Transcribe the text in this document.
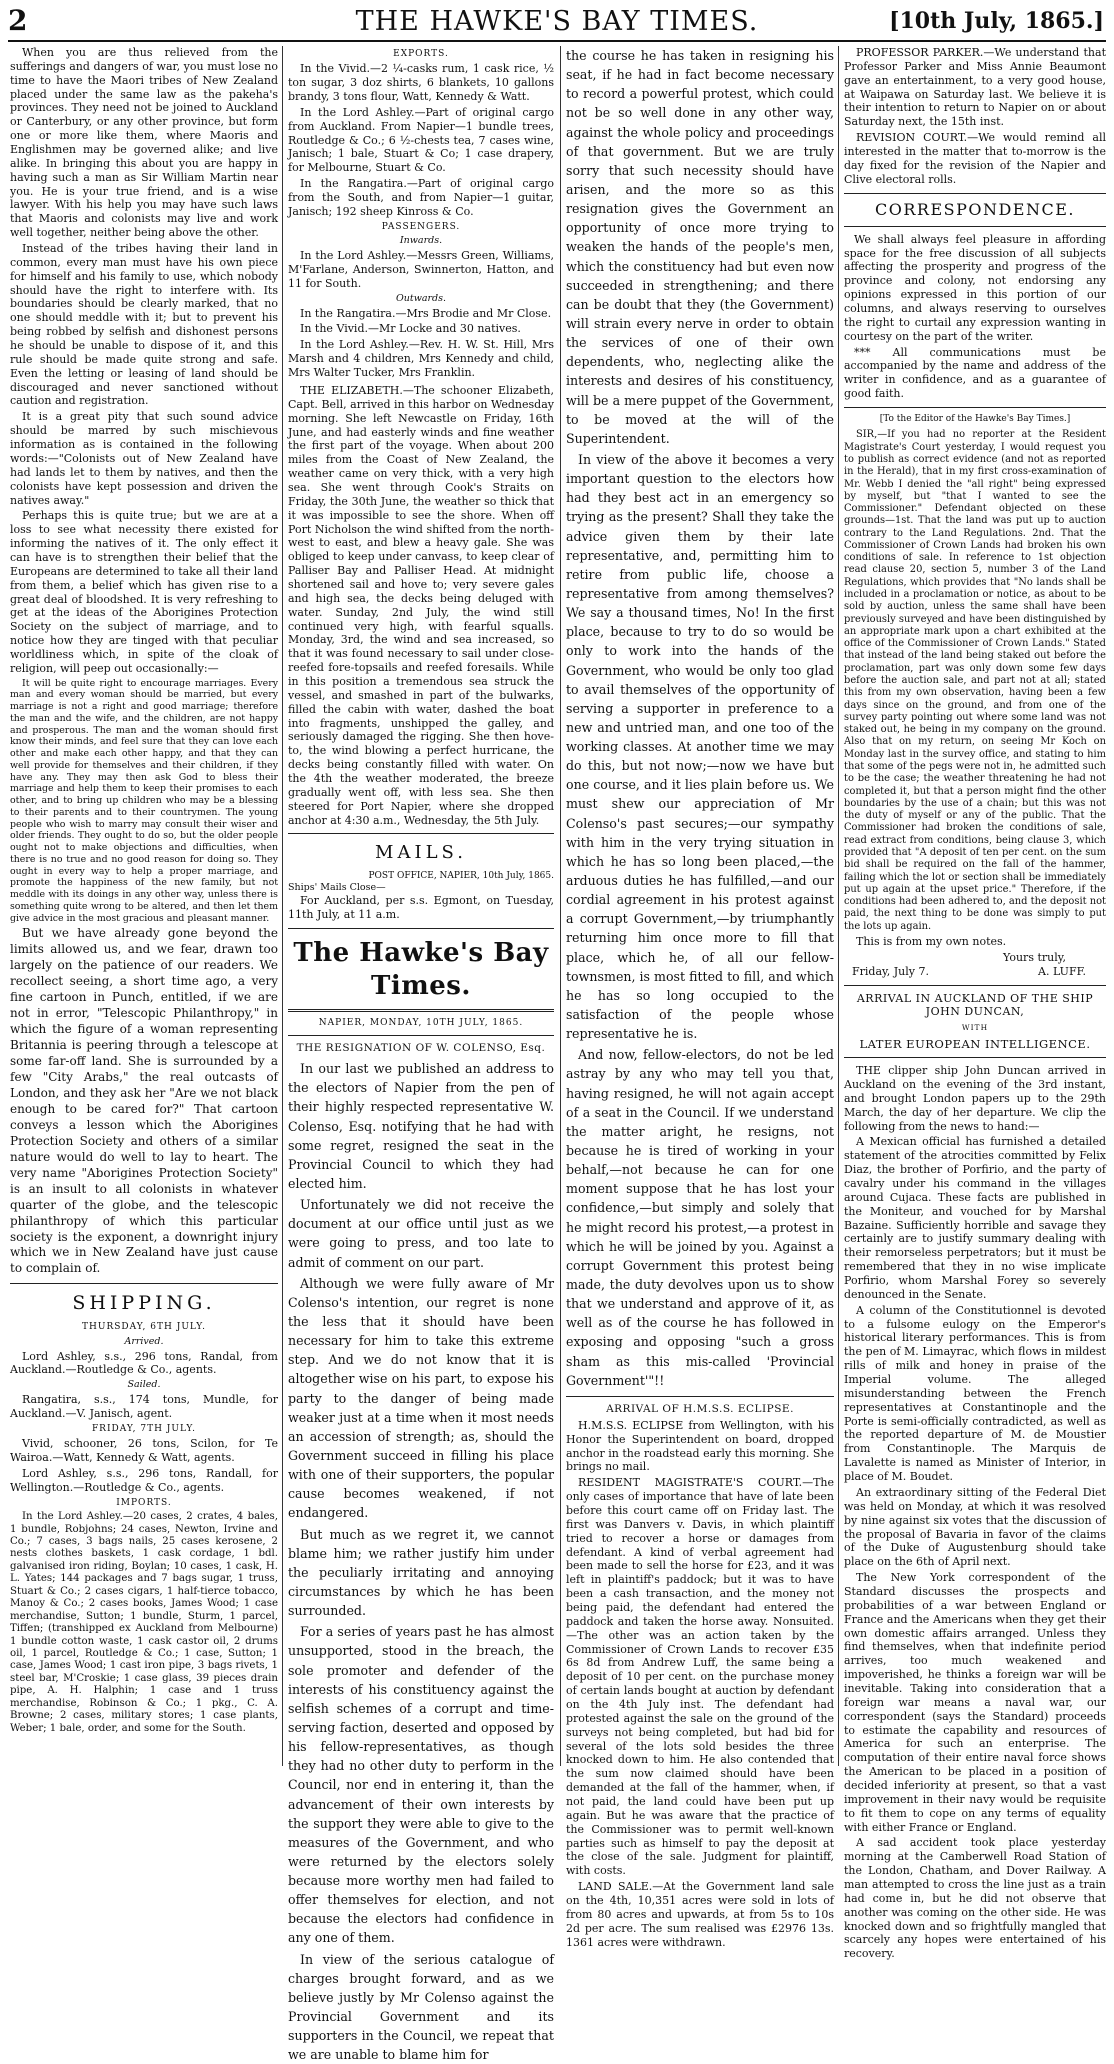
2	THE HAWKE'S BAY TIMES.	[10th July, 1865.]

When you are thus relieved from the sufferings and dangers of war, you must lose no time to have the Maori tribes of New Zealand placed under the same law as the pakeha's provinces. They need not be joined to Auckland or Canterbury, or any other province, but form one or more like them, where Maoris and Englishmen may be governed alike; and live alike. In bringing this about you are happy in having such a man as Sir William Martin near you. He is your true friend, and is a wise lawyer. With his help you may have such laws that Maoris and colonists may live and work well together, neither being above the other.

Instead of the tribes having their land in common, every man must have his own piece for himself and his family to use, which nobody should have the right to interfere with. Its boundaries should be clearly marked, that no one should meddle with it; but to prevent his being robbed by selfish and dishonest persons he should be unable to dispose of it, and this rule should be made quite strong and safe. Even the letting or leasing of land should be discouraged and never sanctioned without caution and registration.

It is a great pity that such sound advice should be marred by such mischievous information as is contained in the following words:—"Colonists out of New Zealand have had lands let to them by natives, and then the colonists have kept possession and driven the natives away."

Perhaps this is quite true; but we are at a loss to see what necessity there existed for informing the natives of it. The only effect it can have is to strengthen their belief that the Europeans are determined to take all their land from them, a belief which has given rise to a great deal of bloodshed. It is very refreshing to get at the ideas of the Aborigines Protection Society on the subject of marriage, and to notice how they are tinged with that peculiar worldliness which, in spite of the cloak of religion, will peep out occasionally:—

It will be quite right to encourage marriages. Every man and every woman should be married, but every marriage is not a right and good marriage; therefore the man and the wife, and the children, are not happy and prosperous. The man and the woman should first know their minds, and feel sure that they can love each other and make each other happy, and that they can well provide for themselves and their children, if they have any. They may then ask God to bless their marriage and help them to keep their promises to each other, and to bring up children who may be a blessing to their parents and to their countrymen. The young people who wish to marry may consult their wiser and older friends. They ought to do so, but the older people ought not to make objections and difficulties, when there is no true and no good reason for doing so. They ought in every way to help a proper marriage, and promote the happiness of the new family, but not meddle with its doings in any other way, unless there is something quite wrong to be altered, and then let them give advice in the most gracious and pleasant manner.

But we have already gone beyond the limits allowed us, and we fear, drawn too largely on the patience of our readers. We recollect seeing, a short time ago, a very fine cartoon in Punch, entitled, if we are not in error, "Telescopic Philanthropy," in which the figure of a woman representing Britannia is peering through a telescope at some far-off land. She is surrounded by a few "City Arabs," the real outcasts of London, and they ask her "Are we not black enough to be cared for?" That cartoon conveys a lesson which the Aborigines Protection Society and others of a similar nature would do well to lay to heart. The very name "Aborigines Protection Society" is an insult to all colonists in whatever quarter of the globe, and the telescopic philanthropy of which this particular society is the exponent, a downright injury which we in New Zealand have just cause to complain of.

SHIPPING.
THURSDAY, 6TH JULY.
Arrived.

Lord Ashley, s.s., 296 tons, Randal, from Auckland.—Routledge & Co., agents.

Sailed.

Rangatira, s.s., 174 tons, Mundle, for Auckland.—V. Janisch, agent.

FRIDAY, 7TH JULY.

Vivid, schooner, 26 tons, Scilon, for Te Wairoa.—Watt, Kennedy & Watt, agents.

Lord Ashley, s.s., 296 tons, Randall, for Wellington.—Routledge & Co., agents.

IMPORTS.

In the Lord Ashley.—20 cases, 2 crates, 4 bales, 1 bundle, Robjohns; 24 cases, Newton, Irvine and Co.; 7 cases, 3 bags nails, 25 cases kerosene, 2 nests clothes baskets, 1 cask cordage, 1 bdl. galvanised iron riding, Boylan; 10 cases, 1 cask, H. L. Yates; 144 packages and 7 bags sugar, 1 truss, Stuart & Co.; 2 cases cigars, 1 half-tierce tobacco, Manoy & Co.; 2 cases books, James Wood; 1 case merchandise, Sutton; 1 bundle, Sturm, 1 parcel, Tiffen; (transhipped ex Auckland from Melbourne) 1 bundle cotton waste, 1 cask castor oil, 2 drums oil, 1 parcel, Routledge & Co.; 1 case, Sutton; 1 case, James Wood; 1 cast iron pipe, 3 bags rivets, 1 steel bar, M'Croskie; 1 case glass, 39 pieces drain pipe, A. H. Halphin; 1 case and 1 truss merchandise, Robinson & Co.; 1 pkg., C. A. Browne; 2 cases, military stores; 1 case plants, Weber; 1 bale, order, and some for the South.

EXPORTS.

In the Vivid.—2 ¼-casks rum, 1 cask rice, ½ ton sugar, 3 doz shirts, 6 blankets, 10 gallons brandy, 3 tons flour, Watt, Kennedy & Watt.

In the Lord Ashley.—Part of original cargo from Auckland. From Napier—1 bundle trees, Routledge & Co.; 6 ½-chests tea, 7 cases wine, Janisch; 1 bale, Stuart & Co; 1 case drapery, for Melbourne, Stuart & Co.

In the Rangatira.—Part of original cargo from the South, and from Napier—1 guitar, Janisch; 192 sheep Kinross & Co.

PASSENGERS.
Inwards.

In the Lord Ashley.—Messrs Green, Williams, M'Farlane, Anderson, Swinnerton, Hatton, and 11 for South.

Outwards.

In the Rangatira.—Mrs Brodie and Mr Close.

In the Vivid.—Mr Locke and 30 natives.

In the Lord Ashley.—Rev. H. W. St. Hill, Mrs Marsh and 4 children, Mrs Kennedy and child, Mrs Walter Tucker, Mrs Franklin.

THE ELIZABETH.—The schooner Elizabeth, Capt. Bell, arrived in this harbor on Wednesday morning. She left Newcastle on Friday, 16th June, and had easterly winds and fine weather the first part of the voyage. When about 200 miles from the Coast of New Zealand, the weather came on very thick, with a very high sea. She went through Cook's Straits on Friday, the 30th June, the weather so thick that it was impossible to see the shore. When off Port Nicholson the wind shifted from the north-west to east, and blew a heavy gale. She was obliged to keep under canvass, to keep clear of Palliser Bay and Palliser Head. At midnight shortened sail and hove to; very severe gales and high sea, the decks being deluged with water. Sunday, 2nd July, the wind still continued very high, with fearful squalls. Monday, 3rd, the wind and sea increased, so that it was found necessary to sail under close-reefed fore-topsails and reefed foresails. While in this position a tremendous sea struck the vessel, and smashed in part of the bulwarks, filled the cabin with water, dashed the boat into fragments, unshipped the galley, and seriously damaged the rigging. She then hove-to, the wind blowing a perfect hurricane, the decks being constantly filled with water. On the 4th the weather moderated, the breeze gradually went off, with less sea. She then steered for Port Napier, where she dropped anchor at 4:30 a.m., Wednesday, the 5th July.

MAILS.
POST OFFICE, NAPIER, 10th July, 1865.
Ships' Mails Close—

For Auckland, per s.s. Egmont, on Tuesday, 11th July, at 11 a.m.

The Hawke's Bay Times.
NAPIER, MONDAY, 10TH JULY, 1865.
THE RESIGNATION OF W. COLENSO, Esq.

In our last we published an address to the electors of Napier from the pen of their highly respected representative W. Colenso, Esq. notifying that he had with some regret, resigned the seat in the Provincial Council to which they had elected him.

Unfortunately we did not receive the document at our office until just as we were going to press, and too late to admit of comment on our part.

Although we were fully aware of Mr Colenso's intention, our regret is none the less that it should have been necessary for him to take this extreme step. And we do not know that it is altogether wise on his part, to expose his party to the danger of being made weaker just at a time when it most needs an accession of strength; as, should the Government succeed in filling his place with one of their supporters, the popular cause becomes weakened, if not endangered.

But much as we regret it, we cannot blame him; we rather justify him under the peculiarly irritating and annoying circumstances by which he has been surrounded.

For a series of years past he has almost unsupported, stood in the breach, the sole promoter and defender of the interests of his constituency against the selfish schemes of a corrupt and time-serving faction, deserted and opposed by his fellow-representatives, as though they had no other duty to perform in the Council, nor end in entering it, than the advancement of their own interests by the support they were able to give to the measures of the Government, and who were returned by the electors solely because more worthy men had failed to offer themselves for election, and not because the electors had confidence in any one of them.

In view of the serious catalogue of charges brought forward, and as we believe justly by Mr Colenso against the Provincial Government and its supporters in the Council, we repeat that we are unable to blame him for

the course he has taken in resigning his seat, if he had in fact become necessary to record a powerful protest, which could not be so well done in any other way, against the whole policy and proceedings of that government. But we are truly sorry that such necessity should have arisen, and the more so as this resignation gives the Government an opportunity of once more trying to weaken the hands of the people's men, which the constituency had but even now succeeded in strengthening; and there can be doubt that they (the Government) will strain every nerve in order to obtain the services of one of their own dependents, who, neglecting alike the interests and desires of his constituency, will be a mere puppet of the Government, to be moved at the will of the Superintendent.

In view of the above it becomes a very important question to the electors how had they best act in an emergency so trying as the present? Shall they take the advice given them by their late representative, and, permitting him to retire from public life, choose a representative from among themselves? We say a thousand times, No! In the first place, because to try to do so would be only to work into the hands of the Government, who would be only too glad to avail themselves of the opportunity of serving a supporter in preference to a new and untried man, and one too of the working classes. At another time we may do this, but not now;—now we have but one course, and it lies plain before us. We must shew our appreciation of Mr Colenso's past secures;—our sympathy with him in the very trying situation in which he has so long been placed,—the arduous duties he has fulfilled,—and our cordial agreement in his protest against a corrupt Government,—by triumphantly returning him once more to fill that place, which he, of all our fellow-townsmen, is most fitted to fill, and which he has so long occupied to the satisfaction of the people whose representative he is.

And now, fellow-electors, do not be led astray by any who may tell you that, having resigned, he will not again accept of a seat in the Council. If we understand the matter aright, he resigns, not because he is tired of working in your behalf,—not because he can for one moment suppose that he has lost your confidence,—but simply and solely that he might record his protest,—a protest in which he will be joined by you. Against a corrupt Government this protest being made, the duty devolves upon us to show that we understand and approve of it, as well as of the course he has followed in exposing and opposing "such a gross sham as this mis-called 'Provincial Government'"!!

ARRIVAL OF H.M.S.S. ECLIPSE.

H.M.S.S. ECLIPSE from Wellington, with his Honor the Superintendent on board, dropped anchor in the roadstead early this morning. She brings no mail.

RESIDENT MAGISTRATE'S COURT.—The only cases of importance that have of late been before this court came off on Friday last. The first was Danvers v. Davis, in which plaintiff tried to recover a horse or damages from defendant. A kind of verbal agreement had been made to sell the horse for £23, and it was left in plaintiff's paddock; but it was to have been a cash transaction, and the money not being paid, the defendant had entered the paddock and taken the horse away. Nonsuited.—The other was an action taken by the Commissioner of Crown Lands to recover £35 6s 8d from Andrew Luff, the same being a deposit of 10 per cent. on the purchase money of certain lands bought at auction by defendant on the 4th July inst. The defendant had protested against the sale on the ground of the surveys not being completed, but had bid for several of the lots sold besides the three knocked down to him. He also contended that the sum now claimed should have been demanded at the fall of the hammer, when, if not paid, the land could have been put up again. But he was aware that the practice of the Commissioner was to permit well-known parties such as himself to pay the deposit at the close of the sale. Judgment for plaintiff, with costs.

LAND SALE.—At the Government land sale on the 4th, 10,351 acres were sold in lots of from 80 acres and upwards, at from 5s to 10s 2d per acre. The sum realised was £2976 13s. 1361 acres were withdrawn.

PROFESSOR PARKER.—We understand that Professor Parker and Miss Annie Beaumont gave an entertainment, to a very good house, at Waipawa on Saturday last. We believe it is their intention to return to Napier on or about Saturday next, the 15th inst.

REVISION COURT.—We would remind all interested in the matter that to-morrow is the day fixed for the revision of the Napier and Clive electoral rolls.

CORRESPONDENCE.

We shall always feel pleasure in affording space for the free discussion of all subjects affecting the prosperity and progress of the province and colony, not endorsing any opinions expressed in this portion of our columns, and always reserving to ourselves the right to curtail any expression wanting in courtesy on the part of the writer.

*** All communications must be accompanied by the name and address of the writer in confidence, and as a guarantee of good faith.

[To the Editor of the Hawke's Bay Times.]

SIR,—If you had no reporter at the Resident Magistrate's Court yesterday, I would request you to publish as correct evidence (and not as reported in the Herald), that in my first cross-examination of Mr. Webb I denied the "all right" being expressed by myself, but "that I wanted to see the Commissioner." Defendant objected on these grounds—1st. That the land was put up to auction contrary to the Land Regulations. 2nd. That the Commissioner of Crown Lands had broken his own conditions of sale. In reference to 1st objection read clause 20, section 5, number 3 of the Land Regulations, which provides that "No lands shall be included in a proclamation or notice, as about to be sold by auction, unless the same shall have been previously surveyed and have been distinguished by an appropriate mark upon a chart exhibited at the office of the Commissioner of Crown Lands." Stated that instead of the land being staked out before the proclamation, part was only down some few days before the auction sale, and part not at all; stated this from my own observation, having been a few days since on the ground, and from one of the survey party pointing out where some land was not staked out, he being in my company on the ground. Also that on my return, on seeing Mr Koch on Monday last in the survey office, and stating to him that some of the pegs were not in, he admitted such to be the case; the weather threatening he had not completed it, but that a person might find the other boundaries by the use of a chain; but this was not the duty of myself or any of the public. That the Commissioner had broken the conditions of sale, read extract from conditions, being clause 3, which provided that "A deposit of ten per cent. on the sum bid shall be required on the fall of the hammer, failing which the lot or section shall be immediately put up again at the upset price." Therefore, if the conditions had been adhered to, and the deposit not paid, the next thing to be done was simply to put the lots up again.

This is from my own notes.

Yours truly,
Friday, July 7.	A. LUFF.
ARRIVAL IN AUCKLAND OF THE SHIP JOHN DUNCAN,
WITH
LATER EUROPEAN INTELLIGENCE.

THE clipper ship John Duncan arrived in Auckland on the evening of the 3rd instant, and brought London papers up to the 29th March, the day of her departure. We clip the following from the news to hand:—

A Mexican official has furnished a detailed statement of the atrocities committed by Felix Diaz, the brother of Porfirio, and the party of cavalry under his command in the villages around Cujaca. These facts are published in the Moniteur, and vouched for by Marshal Bazaine. Sufficiently horrible and savage they certainly are to justify summary dealing with their remorseless perpetrators; but it must be remembered that they in no wise implicate Porfirio, whom Marshal Forey so severely denounced in the Senate.

A column of the Constitutionnel is devoted to a fulsome eulogy on the Emperor's historical literary performances. This is from the pen of M. Limayrac, which flows in mildest rills of milk and honey in praise of the Imperial volume. The alleged misunderstanding between the French representatives at Constantinople and the Porte is semi-officially contradicted, as well as the reported departure of M. de Moustier from Constantinople. The Marquis de Lavalette is named as Minister of Interior, in place of M. Boudet.

An extraordinary sitting of the Federal Diet was held on Monday, at which it was resolved by nine against six votes that the discussion of the proposal of Bavaria in favor of the claims of the Duke of Augustenburg should take place on the 6th of April next.

The New York correspondent of the Standard discusses the prospects and probabilities of a war between England or France and the Americans when they get their own domestic affairs arranged. Unless they find themselves, when that indefinite period arrives, too much weakened and impoverished, he thinks a foreign war will be inevitable. Taking into consideration that a foreign war means a naval war, our correspondent (says the Standard) proceeds to estimate the capability and resources of America for such an enterprise. The computation of their entire naval force shows the American to be placed in a position of decided inferiority at present, so that a vast improvement in their navy would be requisite to fit them to cope on any terms of equality with either France or England.

A sad accident took place yesterday morning at the Camberwell Road Station of the London, Chatham, and Dover Railway. A man attempted to cross the line just as a train had come in, but he did not observe that another was coming on the other side. He was knocked down and so frightfully mangled that scarcely any hopes were entertained of his recovery.
